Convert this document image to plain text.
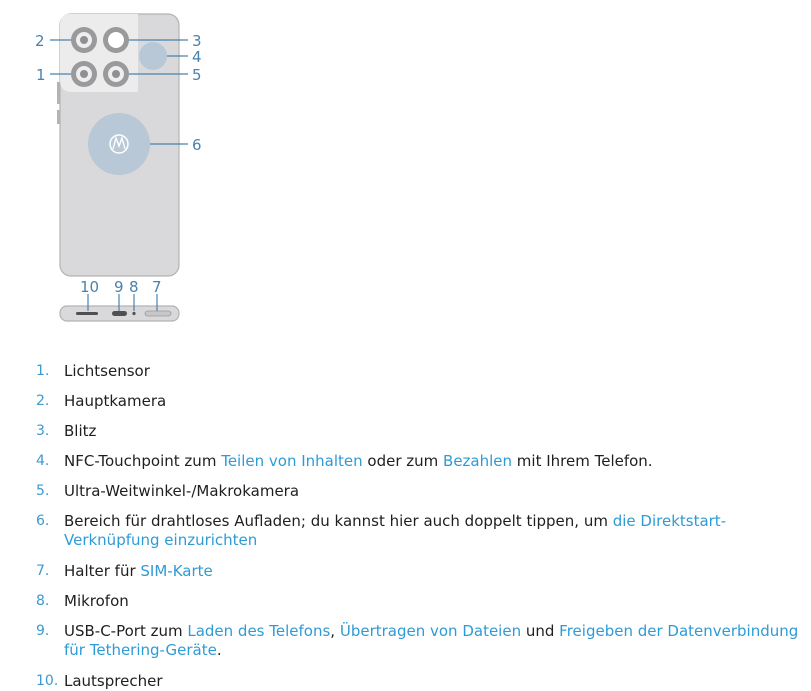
2
1
3
4
5
6
10 9 8 7
1. Lichtsensor
2. Hauptkamera
3. Blitz
4. NFC-Touchpoint zum Teilen von Inhalten oder zum Bezahlen mit Ihrem Telefon.
5. Ultra-Weitwinkel-/Makrokamera
6. Bereich für drahtloses Aufladen; du kannst hier auch doppelt tippen, um die Direktstart-Verknüpfung einzurichten
7. Halter für SIM-Karte
8. Mikrofon
9. USB-C-Port zum Laden des Telefons, Übertragen von Dateien und Freigeben der Datenverbindung für Tethering-Geräte.
10. Lautsprecher
